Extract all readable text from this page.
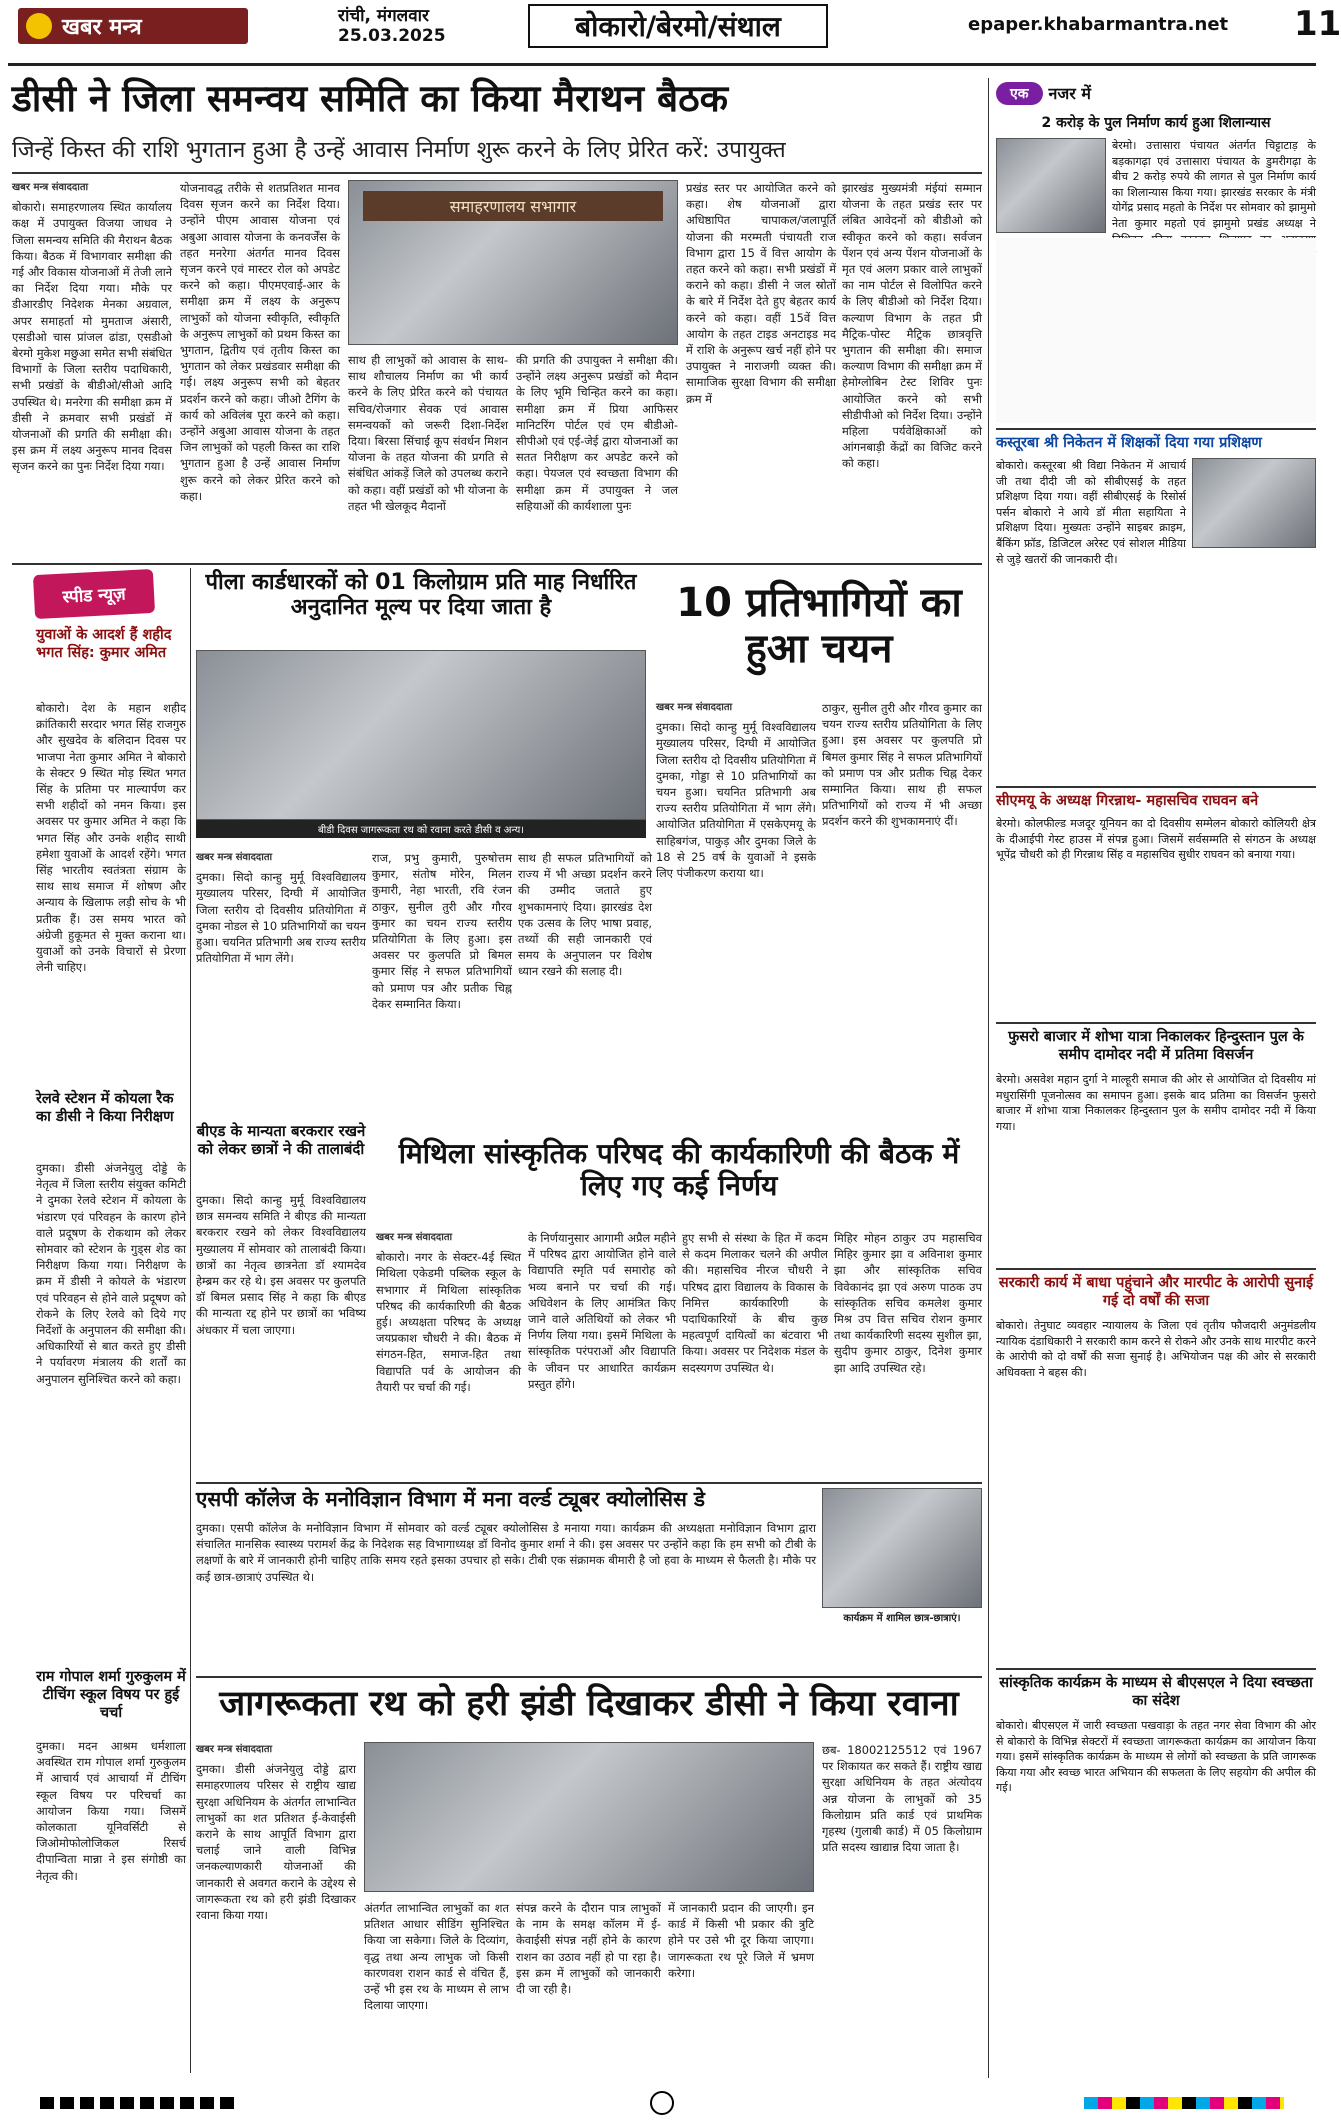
खबर मन्त्र	रांची, मंगलवार
25.03.2025	बोकारो/बेरमो/संथाल	epaper.khabarmantra.net 11
डीसी ने जिला समन्वय समिति का किया मैराथन बैठक
जिन्हें किस्त की राशि भुगतान हुआ है उन्हें आवास निर्माण शुरू करने के लिए प्रेरित करें: उपायुक्त
खबर मन्त्र संवाददाता
बोकारो। समाहरणालय स्थित कार्यालय कक्ष में उपायुक्त विजया जाधव ने जिला समन्वय समिति की मैराथन बैठक किया। बैठक में विभागवार समीक्षा की गई और विकास योजनाओं में तेजी लाने का निर्देश दिया गया। मौके पर डीआरडीए निदेशक मेनका अग्रवाल, अपर समाहर्ता मो मुमताज अंसारी, एसडीओ चास प्रांजल ढांडा, एसडीओ बेरमो मुकेश मछुआ समेत सभी संबंधित विभागों के जिला स्तरीय पदाधिकारी, सभी प्रखंडों के बीडीओ/सीओ आदि उपस्थित थे। मनरेगा की समीक्षा क्रम में डीसी ने क्रमवार सभी प्रखंडों में योजनाओं की प्रगति की समीक्षा की। इस क्रम में लक्ष्य अनुरूप मानव दिवस सृजन करने का पुनः निर्देश दिया गया।
योजनावद्ध तरीके से शतप्रतिशत मानव दिवस सृजन करने का निर्देश दिया। उन्होंने पीएम आवास योजना एवं अबुआ आवास योजना के कनवर्जेंस के तहत मनरेगा अंतर्गत मानव दिवस सृजन करने एवं मास्टर रोल को अपडेट करने को कहा। पीएमएवाई-आर के समीक्षा क्रम में लक्ष्य के अनुरूप लाभुकों को योजना स्वीकृति, स्वीकृति के अनुरूप लाभुकों को प्रथम किस्त का भुगतान, द्वितीय एवं तृतीय किस्त का भुगतान को लेकर प्रखंडवार समीक्षा की गई। लक्ष्य अनुरूप सभी को बेहतर प्रदर्शन करने को कहा। जीओ टैगिंग के कार्य को अविलंब पूरा करने को कहा। उन्होंने अबुआ आवास योजना के तहत जिन लाभुकों को पहली किस्त का राशि भुगतान हुआ है उन्हें आवास निर्माण शुरू करने को लेकर प्रेरित करने को कहा।
समाहरणालय सभागार
साथ ही लाभुकों को आवास के साथ- साथ शौचालय निर्माण का भी कार्य करने के लिए प्रेरित करने को पंचायत सचिव/रोजगार सेवक एवं आवास समन्वयकों को जरूरी दिशा-निर्देश दिया। बिरसा सिंचाई कूप संवर्धन मिशन योजना के तहत योजना की प्रगति से संबंधित आंकड़ें जिले को उपलब्ध कराने को कहा। वहीं प्रखंडों को भी योजना के तहत भी खेलकूद मैदानों
की प्रगति की उपायुक्त ने समीक्षा की। उन्होंने लक्ष्य अनुरूप प्रखंडों को मैदान के लिए भूमि चिन्हित करने का कहा। समीक्षा क्रम में प्रिया आफिसर मानिटरिंग पोर्टल एवं एम बीडीओ-सीपीओ एवं एई-जेई द्वारा योजनाओं का सतत निरीक्षण कर अपडेट करने को कहा। पेयजल एवं स्वच्छता विभाग की समीक्षा क्रम में उपायुक्त ने जल सहियाओं की कार्यशाला पुनः
प्रखंड स्तर पर आयोजित करने को कहा। शेष योजनाओं द्वारा अधिष्ठापित चापाकल/जलापूर्ति योजना की मरम्मती पंचायती राज विभाग द्वारा 15 वें वित्त आयोग के तहत करने को कहा। सभी प्रखंडों में कराने को कहा। डीसी ने जल स्रोतों के बारे में निर्देश देते हुए बेहतर कार्य करने को कहा। वहीं 15वें वित्त आयोग के तहत टाइड अनटाइड मद में राशि के अनुरूप खर्च नहीं होने पर उपायुक्त ने नाराजगी व्यक्त की। सामाजिक सुरक्षा विभाग की समीक्षा क्रम में
झारखंड मुख्यमंत्री मंईयां सम्मान योजना के तहत प्रखंड स्तर पर लंबित आवेदनों को बीडीओ को स्वीकृत करने को कहा। सर्वजन पेंशन एवं अन्य पेंशन योजनाओं के मृत एवं अलग प्रकार वाले लाभुकों का नाम पोर्टल से विलोपित करने के लिए बीडीओ को निर्देश दिया। कल्याण विभाग के तहत प्री मैट्रिक-पोस्ट मैट्रिक छात्रवृत्ति भुगतान की समीक्षा की। समाज कल्याण विभाग की समीक्षा क्रम में हेमोग्लोबिन टेस्ट शिविर पुनः आयोजित करने को सभी सीडीपीओ को निर्देश दिया। उन्होंने महिला पर्यवेक्षिकाओं को आंगनबाड़ी केंद्रों का विजिट करने को कहा।
स्पीड न्यूज़
युवाओं के आदर्श हैं शहीद भगत सिंह: कुमार अमित
बोकारो। देश के महान शहीद क्रांतिकारी सरदार भगत सिंह राजगुरु और सुखदेव के बलिदान दिवस पर भाजपा नेता कुमार अमित ने बोकारो के सेक्टर 9 स्थित मोड़ स्थित भगत सिंह के प्रतिमा पर माल्यार्पण कर सभी शहीदों को नमन किया। इस अवसर पर कुमार अमित ने कहा कि भगत सिंह और उनके शहीद साथी हमेशा युवाओं के आदर्श रहेंगे। भगत सिंह भारतीय स्वतंत्रता संग्राम के साथ साथ समाज में शोषण और अन्याय के खिलाफ लड़ी सोच के भी प्रतीक हैं। उस समय भारत को अंग्रेजी हुकूमत से मुक्त कराना था। युवाओं को उनके विचारों से प्रेरणा लेनी चाहिए।
रेलवे स्टेशन में कोयला रैक का डीसी ने किया निरीक्षण
दुमका। डीसी अंजनेयुलु दोड्डे के नेतृत्व में जिला स्तरीय संयुक्त कमिटी ने दुमका रेलवे स्टेशन में कोयला के भंडारण एवं परिवहन के कारण होने वाले प्रदूषण के रोकथाम को लेकर सोमवार को स्टेशन के गुड्स शेड का निरीक्षण किया गया। निरीक्षण के क्रम में डीसी ने कोयले के भंडारण एवं परिवहन से होने वाले प्रदूषण को रोकने के लिए रेलवे को दिये गए निर्देशों के अनुपालन की समीक्षा की। अधिकारियों से बात करते हुए डीसी ने पर्यावरण मंत्रालय की शर्तों का अनुपालन सुनिश्चित करने को कहा।
राम गोपाल शर्मा गुरुकुलम में टीचिंग स्कूल विषय पर हुई चर्चा
दुमका। मदन आश्रम धर्मशाला अवस्थित राम गोपाल शर्मा गुरुकुलम में आचार्य एवं आचार्या में टीचिंग स्कूल विषय पर परिचर्चा का आयोजन किया गया। जिसमें कोलकाता यूनिवर्सिटी से जिओमोफोलोजिकल रिसर्च दीपान्विता मान्ना ने इस संगोष्ठी का नेतृत्व की।
पीला कार्डधारकों को 01 किलोग्राम प्रति माह निर्धारित अनुदानित मूल्य पर दिया जाता है
बीडी दिवस जागरूकता रथ को रवाना करते डीसी व अन्य।
10 प्रतिभागियों का हुआ चयन
खबर मन्त्र संवाददाता
दुमका। सिदो कान्हु मुर्मू विश्वविद्यालय मुख्यालय परिसर, दिग्घी में आयोजित जिला स्तरीय दो दिवसीय प्रतियोगिता में दुमका, गोड्डा से 10 प्रतिभागियों का चयन हुआ। चयनित प्रतिभागी अब राज्य स्तरीय प्रतियोगिता में भाग लेंगे। आयोजित प्रतियोगिता में एसकेएमयू के साहिबगंज, पाकुड़ और दुमका जिले के 18 से 25 वर्ष के युवाओं ने इसके लिए पंजीकरण कराया था।
ठाकुर, सुनील तुरी और गौरव कुमार का चयन राज्य स्तरीय प्रतियोगिता के लिए हुआ। इस अवसर पर कुलपति प्रो बिमल कुमार सिंह ने सफल प्रतिभागियों को प्रमाण पत्र और प्रतीक चिह्न देकर सम्मानित किया। साथ ही सफल प्रतिभागियों को राज्य में भी अच्छा प्रदर्शन करने की शुभकामनाएं दीं।
खबर मन्त्र संवाददाता
दुमका। सिदो कान्हु मुर्मू विश्वविद्यालय मुख्यालय परिसर, दिग्घी में आयोजित जिला स्तरीय दो दिवसीय प्रतियोगिता में दुमका नोडल से 10 प्रतिभागियों का चयन हुआ। चयनित प्रतिभागी अब राज्य स्तरीय प्रतियोगिता में भाग लेंगे।
राज, प्रभु कुमारी, पुरुषोत्तम कुमार, संतोष मोरेन, मिलन कुमारी, नेहा भारती, रवि रंजन ठाकुर, सुनील तुरी और गौरव कुमार का चयन राज्य स्तरीय प्रतियोगिता के लिए हुआ। इस अवसर पर कुलपति प्रो बिमल कुमार सिंह ने सफल प्रतिभागियों को प्रमाण पत्र और प्रतीक चिह्न देकर सम्मानित किया।
साथ ही सफल प्रतिभागियों को राज्य में भी अच्छा प्रदर्शन करने की उम्मीद जताते हुए शुभकामनाएं दिया। झारखंड देश एक उत्सव के लिए भाषा प्रवाह, तथ्यों की सही जानकारी एवं समय के अनुपालन पर विशेष ध्यान रखने की सलाह दी।
बीएड के मान्यता बरकरार रखने को लेकर छात्रों ने की तालाबंदी
दुमका। सिदो कान्हु मुर्मू विश्वविद्यालय छात्र समन्वय समिति ने बीएड की मान्यता बरकरार रखने को लेकर विश्वविद्यालय मुख्यालय में सोमवार को तालाबंदी किया। छात्रों का नेतृत्व छात्रनेता डॉ श्यामदेव हेम्ब्रम कर रहे थे। इस अवसर पर कुलपति डॉ बिमल प्रसाद सिंह ने कहा कि बीएड की मान्यता रद्द होने पर छात्रों का भविष्य अंधकार में चला जाएगा।
मिथिला सांस्कृतिक परिषद की कार्यकारिणी की बैठक में लिए गए कई निर्णय
खबर मन्त्र संवाददाता
बोकारो। नगर के सेक्टर-4ई स्थित मिथिला एकेडमी पब्लिक स्कूल के सभागार में मिथिला सांस्कृतिक परिषद की कार्यकारिणी की बैठक हुई। अध्यक्षता परिषद के अध्यक्ष जयप्रकाश चौधरी ने की। बैठक में संगठन-हित, समाज-हित तथा विद्यापति पर्व के आयोजन की तैयारी पर चर्चा की गई।
के निर्णयानुसार आगामी अप्रैल महीने में परिषद द्वारा आयोजित होने वाले विद्यापति स्मृति पर्व समारोह को भव्य बनाने पर चर्चा की गई। अधिवेशन के लिए आमंत्रित किए जाने वाले अतिथियों को लेकर भी निर्णय लिया गया। इसमें मिथिला के सांस्कृतिक परंपराओं और विद्यापति के जीवन पर आधारित कार्यक्रम प्रस्तुत होंगे।
हुए सभी से संस्था के हित में कदम से कदम मिलाकर चलने की अपील की। महासचिव नीरज चौधरी ने परिषद द्वारा विद्यालय के विकास के निमित्त कार्यकारिणी के पदाधिकारियों के बीच कुछ महत्वपूर्ण दायित्वों का बंटवारा भी किया। अवसर पर निदेशक मंडल के सदस्यगण उपस्थित थे।
मिहिर मोहन ठाकुर उप महासचिव मिहिर कुमार झा व अविनाश कुमार झा और सांस्कृतिक सचिव विवेकानंद झा एवं अरुण पाठक उप सांस्कृतिक सचिव कमलेश कुमार मिश्र उप वित्त सचिव रोशन कुमार तथा कार्यकारिणी सदस्य सुशील झा, सुदीप कुमार ठाकुर, दिनेश कुमार झा आदि उपस्थित रहे।
एसपी कॉलेज के मनोविज्ञान विभाग में मना वर्ल्ड ट्यूबर क्योलोसिस डे
दुमका। एसपी कॉलेज के मनोविज्ञान विभाग में सोमवार को वर्ल्ड ट्यूबर क्योलोसिस डे मनाया गया। कार्यक्रम की अध्यक्षता मनोविज्ञान विभाग द्वारा संचालित मानसिक स्वास्थ्य परामर्श केंद्र के निदेशक सह विभागाध्यक्ष डॉ विनोद कुमार शर्मा ने की। इस अवसर पर उन्होंने कहा कि हम सभी को टीबी के लक्षणों के बारे में जानकारी होनी चाहिए ताकि समय रहते इसका उपचार हो सके। टीबी एक संक्रामक बीमारी है जो हवा के माध्यम से फैलती है। मौके पर कई छात्र-छात्राएं उपस्थित थे।
कार्यक्रम में शामिल छात्र-छात्राएं।
जागरूकता रथ को हरी झंडी दिखाकर डीसी ने किया रवाना
खबर मन्त्र संवाददाता
दुमका। डीसी अंजनेयुलु दोड्डे द्वारा समाहरणालय परिसर से राष्ट्रीय खाद्य सुरक्षा अधिनियम के अंतर्गत लाभान्वित लाभुकों का शत प्रतिशत ई-केवाईसी कराने के साथ आपूर्ति विभाग द्वारा चलाई जाने वाली विभिन्न जनकल्याणकारी योजनाओं की जानकारी से अवगत कराने के उद्देश्य से जागरूकता रथ को हरी झंडी दिखाकर रवाना किया गया।
अंतर्गत लाभान्वित लाभुकों का शत प्रतिशत आधार सीडिंग सुनिश्चित किया जा सकेगा। जिले के दिव्यांग, वृद्ध तथा अन्य लाभुक जो किसी कारणवश राशन कार्ड से वंचित हैं, उन्हें भी इस रथ के माध्यम से लाभ दिलाया जाएगा।
संपन्न करने के दौरान पात्र लाभुकों के नाम के समक्ष कॉलम में ई-केवाईसी संपन्न नहीं होने के कारण राशन का उठाव नहीं हो पा रहा है। इस क्रम में लाभुकों को जानकारी दी जा रही है।
में जानकारी प्रदान की जाएगी। इन कार्ड में किसी भी प्रकार की त्रुटि होने पर उसे भी दूर किया जाएगा। जागरूकता रथ पूरे जिले में भ्रमण करेगा।
छब- 18002125512 एवं 1967 पर शिकायत कर सकते हैं। राष्ट्रीय खाद्य सुरक्षा अधिनियम के तहत अंत्योदय अन्न योजना के लाभुकों को 35 किलोग्राम प्रति कार्ड एवं प्राथमिक गृहस्थ (गुलाबी कार्ड) में 05 किलोग्राम प्रति सदस्य खाद्यान्न दिया जाता है।
एक	नजर में
2 करोड़ के पुल निर्माण कार्य हुआ शिलान्यास
बेरमो। उत्तासारा पंचायत अंतर्गत चिट्टाटाड़ के बड़कागढ़ा एवं उत्तासारा पंचायत के डुमरीगढ़ा के बीच 2 करोड़ रुपये की लागत से पुल निर्माण कार्य का शिलान्यास किया गया। झारखंड सरकार के मंत्री योगेंद्र प्रसाद महतो के निर्देश पर सोमवार को झामुमो नेता कुमार महतो एवं झामुमो प्रखंड अध्यक्ष ने
कस्तूरबा श्री निकेतन में शिक्षकों दिया गया प्रशिक्षण
बोकारो। कस्तूरबा श्री विद्या निकेतन में आचार्य जी तथा दीदी जी को सीबीएसई के तहत प्रशिक्षण दिया गया। वहीं सीबीएसई के रिसोर्स पर्सन बोकारो ने आये डॉ मीता सहायिता ने प्रशिक्षण दिया। मुख्यतः उन्होंने साइबर क्राइम, बैंकिंग फ्रॉड, डिजिटल अरेस्ट एवं सोशल मीडिया से जुड़े खतरों की जानकारी दी।
सीएमयू के अध्यक्ष गिरन्नाथ- महासचिव राघवन बने
बेरमो। कोलफील्ड मजदूर यूनियन का दो दिवसीय सम्मेलन बोकारो कोलियरी क्षेत्र के दीआईपी गेस्ट हाउस में संपन्न हुआ। जिसमें सर्वसम्मति से संगठन के अध्यक्ष भूपेंद्र चौधरी को ही गिरन्नाथ सिंह व महासचिव सुधीर राघवन को बनाया गया।
फुसरो बाजार में शोभा यात्रा निकालकर हिन्दुस्तान पुल के समीप दामोदर नदी में प्रतिमा विसर्जन
बेरमो। असवेश महान दुर्गा ने माल्हूरी समाज की ओर से आयोजित दो दिवसीय मां मधुरासिंगी पूजनोत्सव का समापन हुआ। इसके बाद प्रतिमा का विसर्जन फुसरो बाजार में शोभा यात्रा निकालकर हिन्दुस्तान पुल के समीप दामोदर नदी में किया गया।
सरकारी कार्य में बाधा पहुंचाने और मारपीट के आरोपी सुनाई गई दो वर्षों की सजा
बोकारो। तेनुघाट व्यवहार न्यायालय के जिला एवं तृतीय फौजदारी अनुमंडलीय न्यायिक दंडाधिकारी ने सरकारी काम करने से रोकने और उनके साथ मारपीट करने के आरोपी को दो वर्षों की सजा सुनाई है। अभियोजन पक्ष की ओर से सरकारी अधिवक्ता ने बहस की।
सांस्कृतिक कार्यक्रम के माध्यम से बीएसएल ने दिया स्वच्छता का संदेश
बोकारो। बीएसएल में जारी स्वच्छता पखवाड़ा के तहत नगर सेवा विभाग की ओर से बोकारो के विभिन्न सेक्टरों में स्वच्छता जागरूकता कार्यक्रम का आयोजन किया गया। इसमें सांस्कृतिक कार्यक्रम के माध्यम से लोगों को स्वच्छता के प्रति जागरूक किया गया और स्वच्छ भारत अभियान की सफलता के लिए सहयोग की अपील की गई।
